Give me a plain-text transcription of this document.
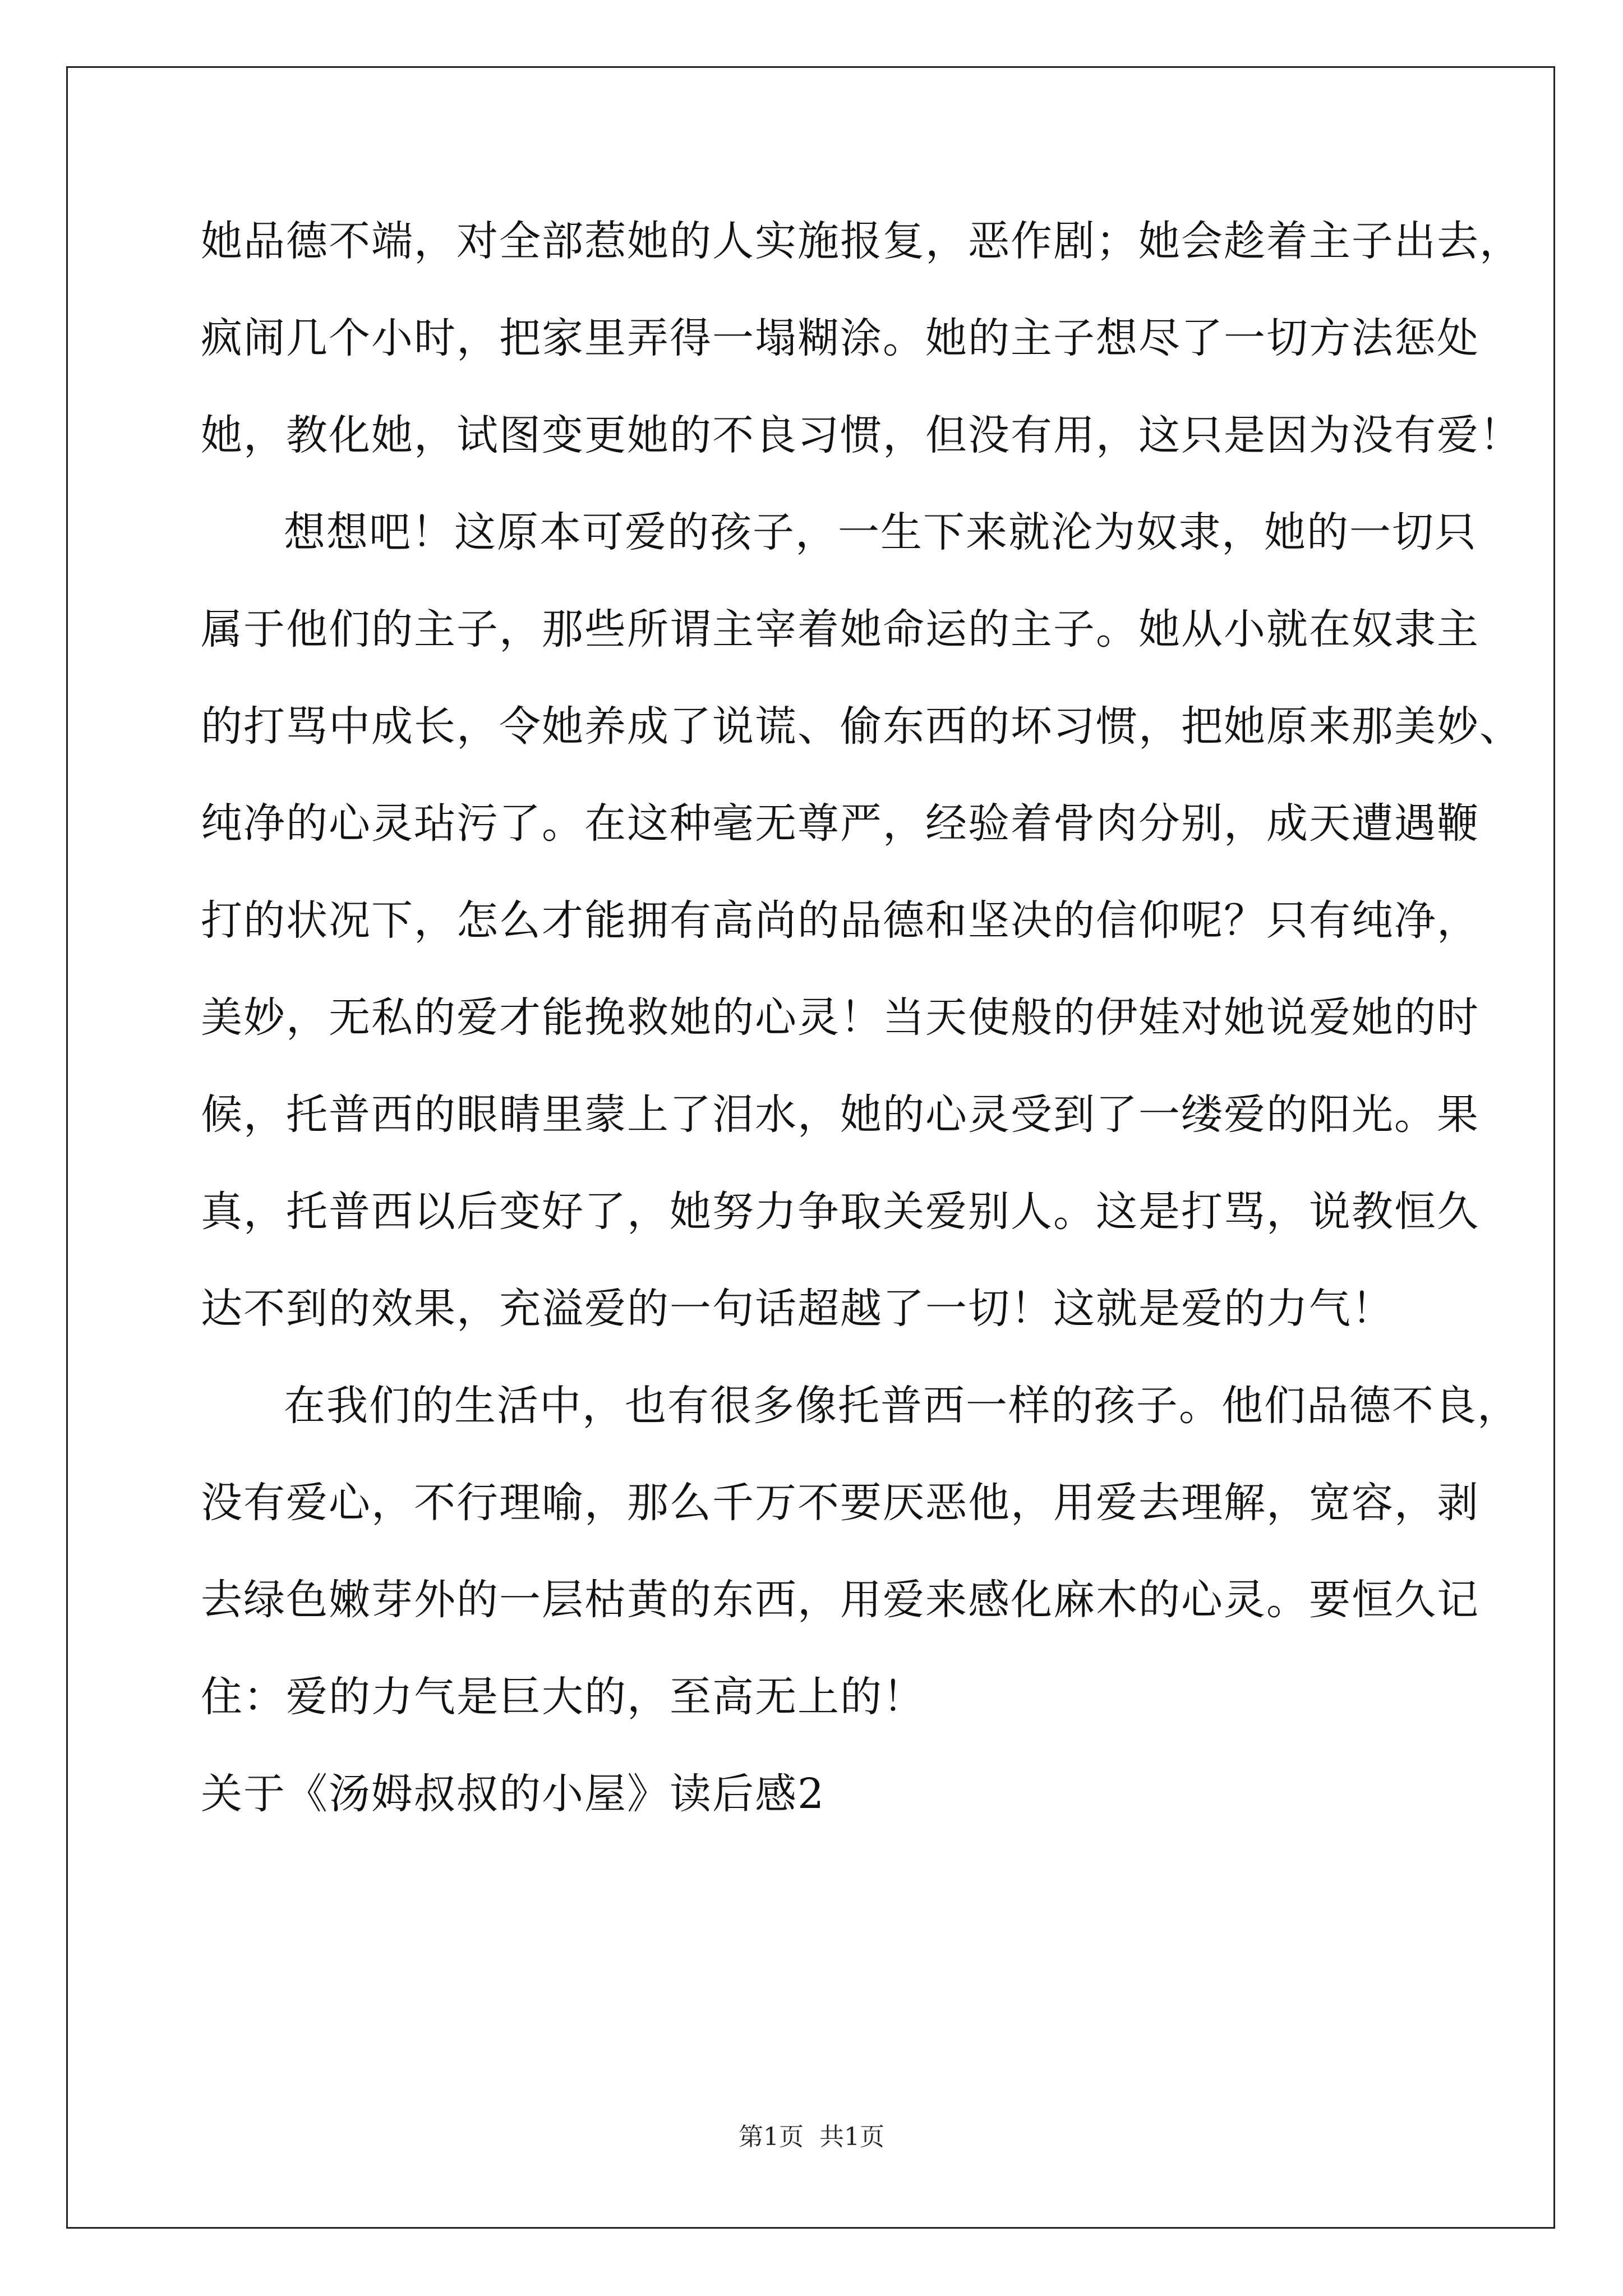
她品德不端，对全部惹她的人实施报复，恶作剧；她会趁着主子出去，
疯闹几个小时，把家里弄得一塌糊涂。她的主子想尽了一切方法惩处
她，教化她，试图变更她的不良习惯，但没有用，这只是因为没有爱！
想想吧！这原本可爱的孩子，一生下来就沦为奴隶，她的一切只
属于他们的主子，那些所谓主宰着她命运的主子。她从小就在奴隶主
的打骂中成长，令她养成了说谎、偷东西的坏习惯，把她原来那美妙、
纯净的心灵玷污了。在这种毫无尊严，经验着骨肉分别，成天遭遇鞭
打的状况下，怎么才能拥有高尚的品德和坚决的信仰呢？只有纯净，
美妙，无私的爱才能挽救她的心灵！当天使般的伊娃对她说爱她的时
候，托普西的眼睛里蒙上了泪水，她的心灵受到了一缕爱的阳光。果
真，托普西以后变好了，她努力争取关爱别人。这是打骂，说教恒久
达不到的效果，充溢爱的一句话超越了一切！这就是爱的力气！
在我们的生活中，也有很多像托普西一样的孩子。他们品德不良，
没有爱心，不行理喻，那么千万不要厌恶他，用爱去理解，宽容，剥
去绿色嫩芽外的一层枯黄的东西，用爱来感化麻木的心灵。要恒久记
住：爱的力气是巨大的，至高无上的！
关于《汤姆叔叔的小屋》读后感2
第1页 共1页
